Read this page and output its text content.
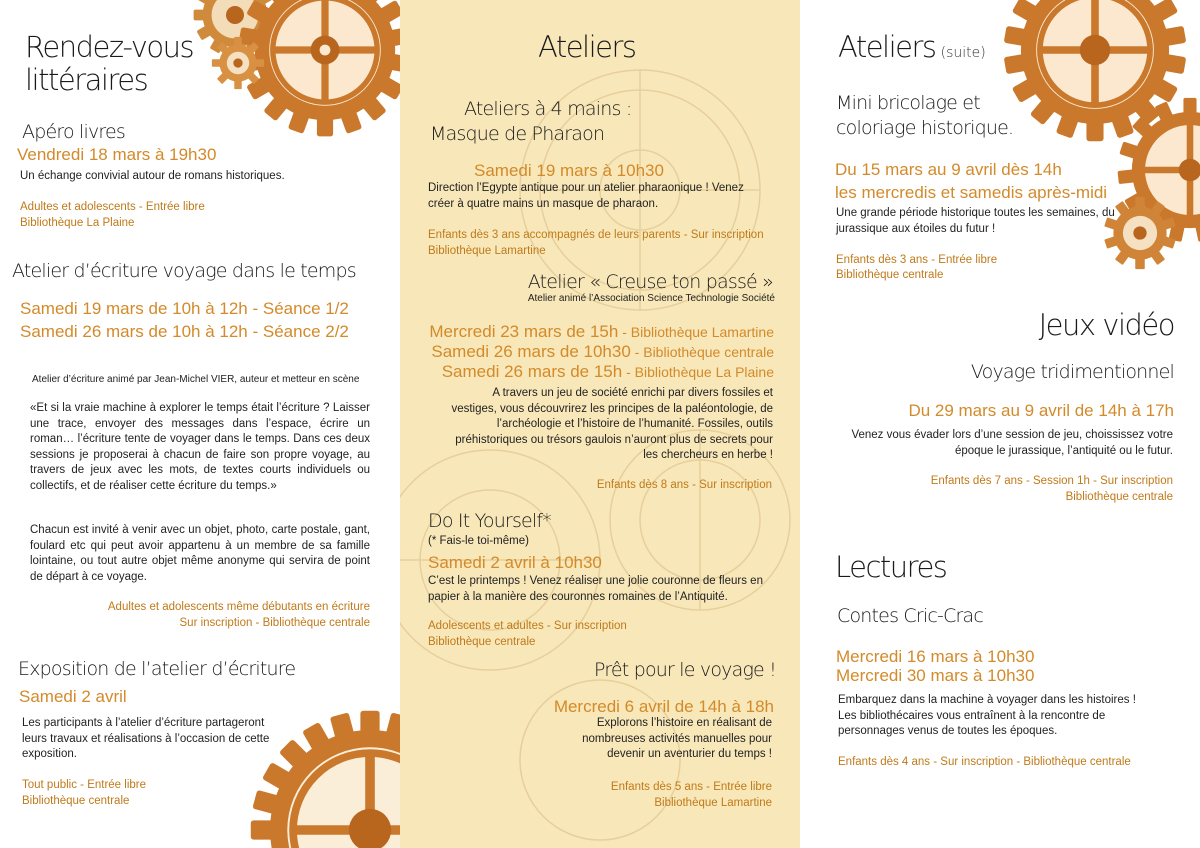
Rendez-vous
littéraires
Apéro livres
Vendredi 18 mars à 19h30
Un échange convivial autour de romans historiques.
Adultes et adolescents - Entrée libre
Bibliothèque La Plaine
Atelier d’écriture voyage dans le temps
Samedi 19 mars de 10h à 12h - Séance 1/2
Samedi 26 mars de 10h à 12h - Séance 2/2
Atelier d’écriture animé par Jean-Michel VIER, auteur et metteur en scène
«Et si la vraie machine à explorer le temps était l’écriture ? Laisser une trace, envoyer des messages dans l’espace, écrire un roman… l’écriture tente de voyager dans le temps. Dans ces deux sessions je proposerai à chacun de faire son propre voyage, au travers de jeux avec les mots, de textes courts individuels ou collectifs, et de réaliser cette écriture du temps.»
Chacun est invité à venir avec un objet, photo, carte postale, gant, foulard etc qui peut avoir appartenu à un membre de sa famille lointaine, ou tout autre objet même anonyme qui servira de point de départ à ce voyage.
Adultes et adolescents même débutants en écriture
Sur inscription - Bibliothèque centrale
Exposition de l’atelier d’écriture
Samedi 2 avril
Les participants à l’atelier d’écriture partageront leurs travaux et réalisations à l’occasion de cette exposition.
Tout public - Entrée libre
Bibliothèque centrale
Ateliers
Ateliers à 4 mains :
Masque de Pharaon
Samedi 19 mars à 10h30
Direction l’Egypte antique pour un atelier pharaonique ! Venez créer à quatre mains un masque de pharaon.
Enfants dès 3 ans accompagnés de leurs parents - Sur inscription
Bibliothèque Lamartine
Atelier « Creuse ton passé »
Atelier animé l’Association Science Technologie Société
Mercredi 23 mars de 15h - Bibliothèque Lamartine
Samedi 26 mars de 10h30 - Bibliothèque centrale
Samedi 26 mars de 15h - Bibliothèque La Plaine
A travers un jeu de société enrichi par divers fossiles et vestiges, vous découvrirez les principes de la paléontologie, de l’archéologie et l’histoire de l’humanité. Fossiles, outils préhistoriques ou trésors gaulois n’auront plus de secrets pour les chercheurs en herbe !
Enfants dès 8 ans - Sur inscription
Do It Yourself*
(* Fais-le toi-même)
Samedi 2 avril à 10h30
C’est le printemps ! Venez réaliser une jolie couronne de fleurs en papier à la manière des couronnes romaines de l’Antiquité.
Adolescents et adultes - Sur inscription
Bibliothèque centrale
Prêt pour le voyage !
Mercredi 6 avril de 14h à 18h
Explorons l’histoire en réalisant de nombreuses activités manuelles pour devenir un aventurier du temps !
Enfants dès 5 ans - Entrée libre
Bibliothèque Lamartine
Ateliers (suite)
Mini bricolage et
coloriage historique.
Du 15 mars au 9 avril dès 14h
les mercredis et samedis après-midi
Une grande période historique toutes les semaines, du jurassique aux étoiles du futur !
Enfants dès 3 ans - Entrée libre
Bibliothèque centrale
Jeux vidéo
Voyage tridimentionnel
Du 29 mars au 9 avril de 14h à 17h
Venez vous évader lors d’une session de jeu, choississez votre époque le jurassique, l’antiquité ou le futur.
Enfants dès 7 ans - Session 1h - Sur inscription
Bibliothèque centrale
Lectures
Contes Cric-Crac
Mercredi 16 mars à 10h30
Mercredi 30 mars à 10h30
Embarquez dans la machine à voyager dans les histoires ! Les bibliothécaires vous entraînent à la rencontre de personnages venus de toutes les époques.
Enfants dès 4 ans - Sur inscription - Bibliothèque centrale
